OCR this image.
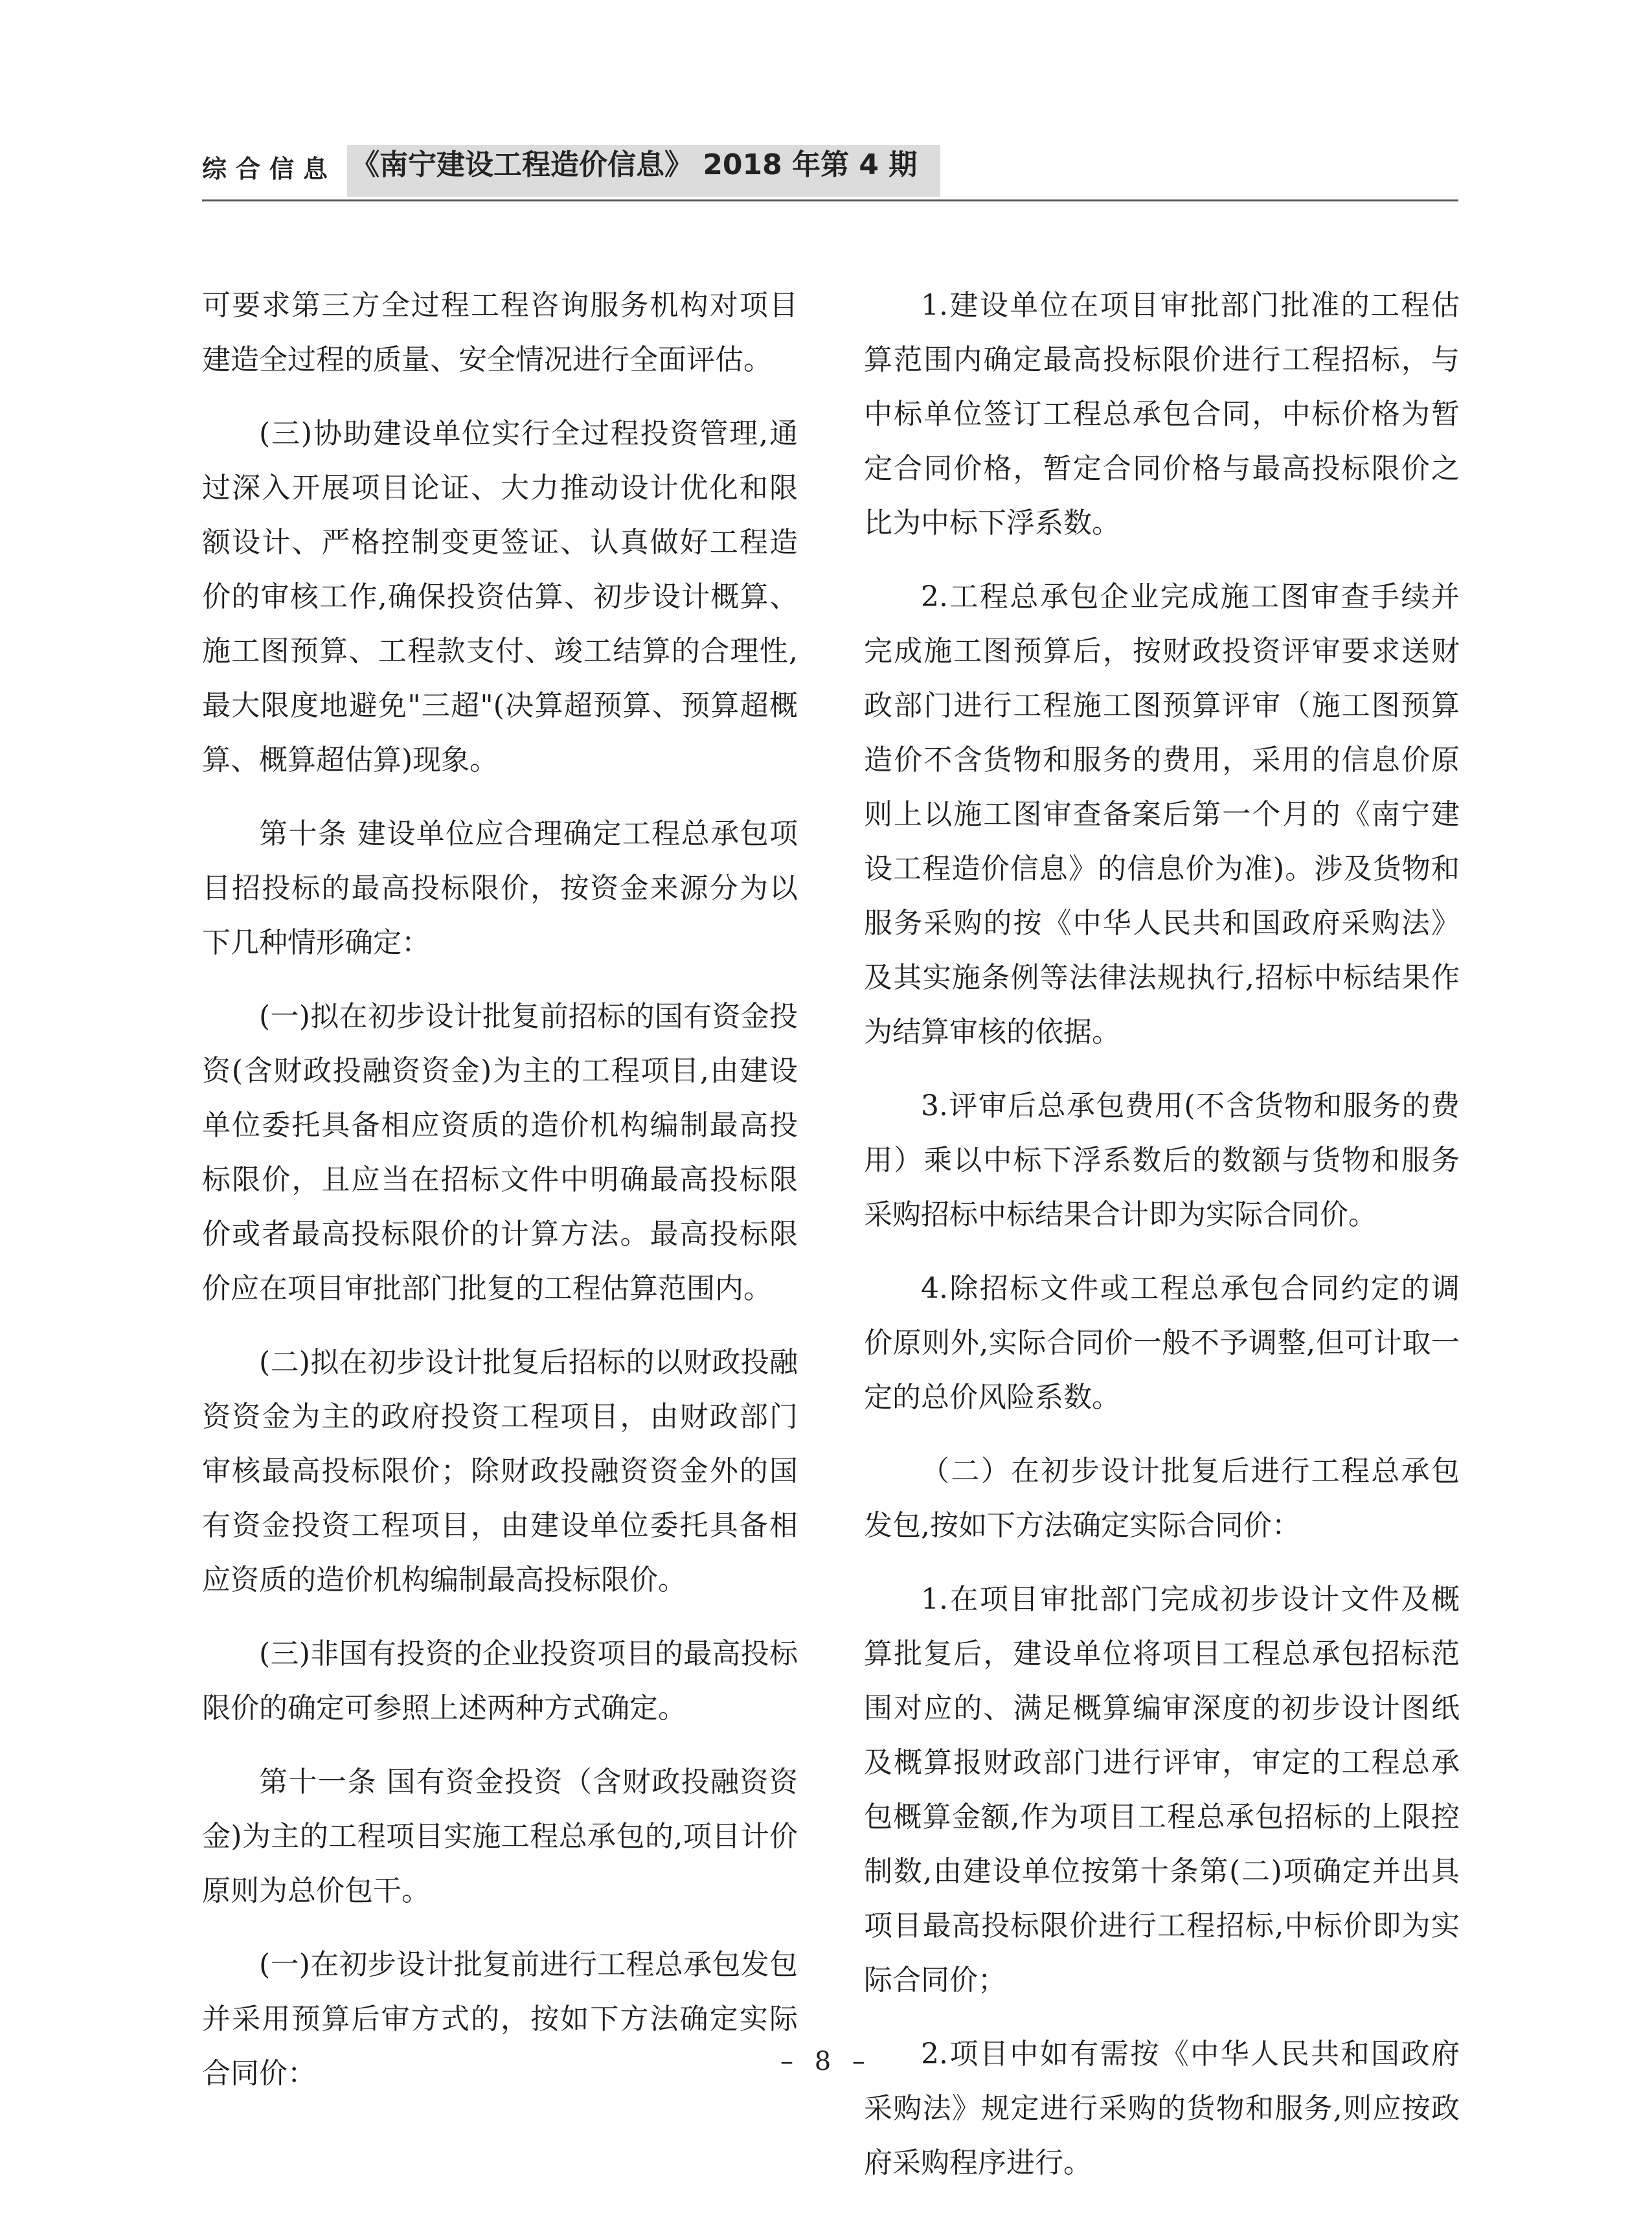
综合信息 《南宁建设工程造价信息》 2018 年第 4 期

可要求第三方全过程工程咨询服务机构对项目建造全过程的质量、安全情况进行全面评估。

(三)协助建设单位实行全过程投资管理,通过深入开展项目论证、大力推动设计优化和限额设计、严格控制变更签证、认真做好工程造价的审核工作,确保投资估算、初步设计概算、施工图预算、工程款支付、竣工结算的合理性,最大限度地避免"三超"(决算超预算、预算超概算、概算超估算)现象。

第十条 建设单位应合理确定工程总承包项目招投标的最高投标限价，按资金来源分为以下几种情形确定：

(一)拟在初步设计批复前招标的国有资金投资(含财政投融资资金)为主的工程项目,由建设单位委托具备相应资质的造价机构编制最高投标限价，且应当在招标文件中明确最高投标限价或者最高投标限价的计算方法。最高投标限价应在项目审批部门批复的工程估算范围内。

(二)拟在初步设计批复后招标的以财政投融资资金为主的政府投资工程项目，由财政部门审核最高投标限价；除财政投融资资金外的国有资金投资工程项目，由建设单位委托具备相应资质的造价机构编制最高投标限价。

(三)非国有投资的企业投资项目的最高投标限价的确定可参照上述两种方式确定。

第十一条 国有资金投资（含财政投融资资金)为主的工程项目实施工程总承包的,项目计价原则为总价包干。

(一)在初步设计批复前进行工程总承包发包并采用预算后审方式的，按如下方法确定实际合同价：

1.建设单位在项目审批部门批准的工程估算范围内确定最高投标限价进行工程招标，与中标单位签订工程总承包合同，中标价格为暂定合同价格，暂定合同价格与最高投标限价之比为中标下浮系数。

2.工程总承包企业完成施工图审查手续并完成施工图预算后，按财政投资评审要求送财政部门进行工程施工图预算评审（施工图预算造价不含货物和服务的费用，采用的信息价原则上以施工图审查备案后第一个月的《南宁建设工程造价信息》的信息价为准)。涉及货物和服务采购的按《中华人民共和国政府采购法》及其实施条例等法律法规执行,招标中标结果作为结算审核的依据。

3.评审后总承包费用(不含货物和服务的费用）乘以中标下浮系数后的数额与货物和服务采购招标中标结果合计即为实际合同价。

4.除招标文件或工程总承包合同约定的调价原则外,实际合同价一般不予调整,但可计取一定的总价风险系数。

（二）在初步设计批复后进行工程总承包发包,按如下方法确定实际合同价：

1.在项目审批部门完成初步设计文件及概算批复后，建设单位将项目工程总承包招标范围对应的、满足概算编审深度的初步设计图纸及概算报财政部门进行评审，审定的工程总承包概算金额,作为项目工程总承包招标的上限控制数,由建设单位按第十条第(二)项确定并出具项目最高投标限价进行工程招标,中标价即为实际合同价；

2.项目中如有需按《中华人民共和国政府采购法》规定进行采购的货物和服务,则应按政府采购程序进行。

– 8 –
